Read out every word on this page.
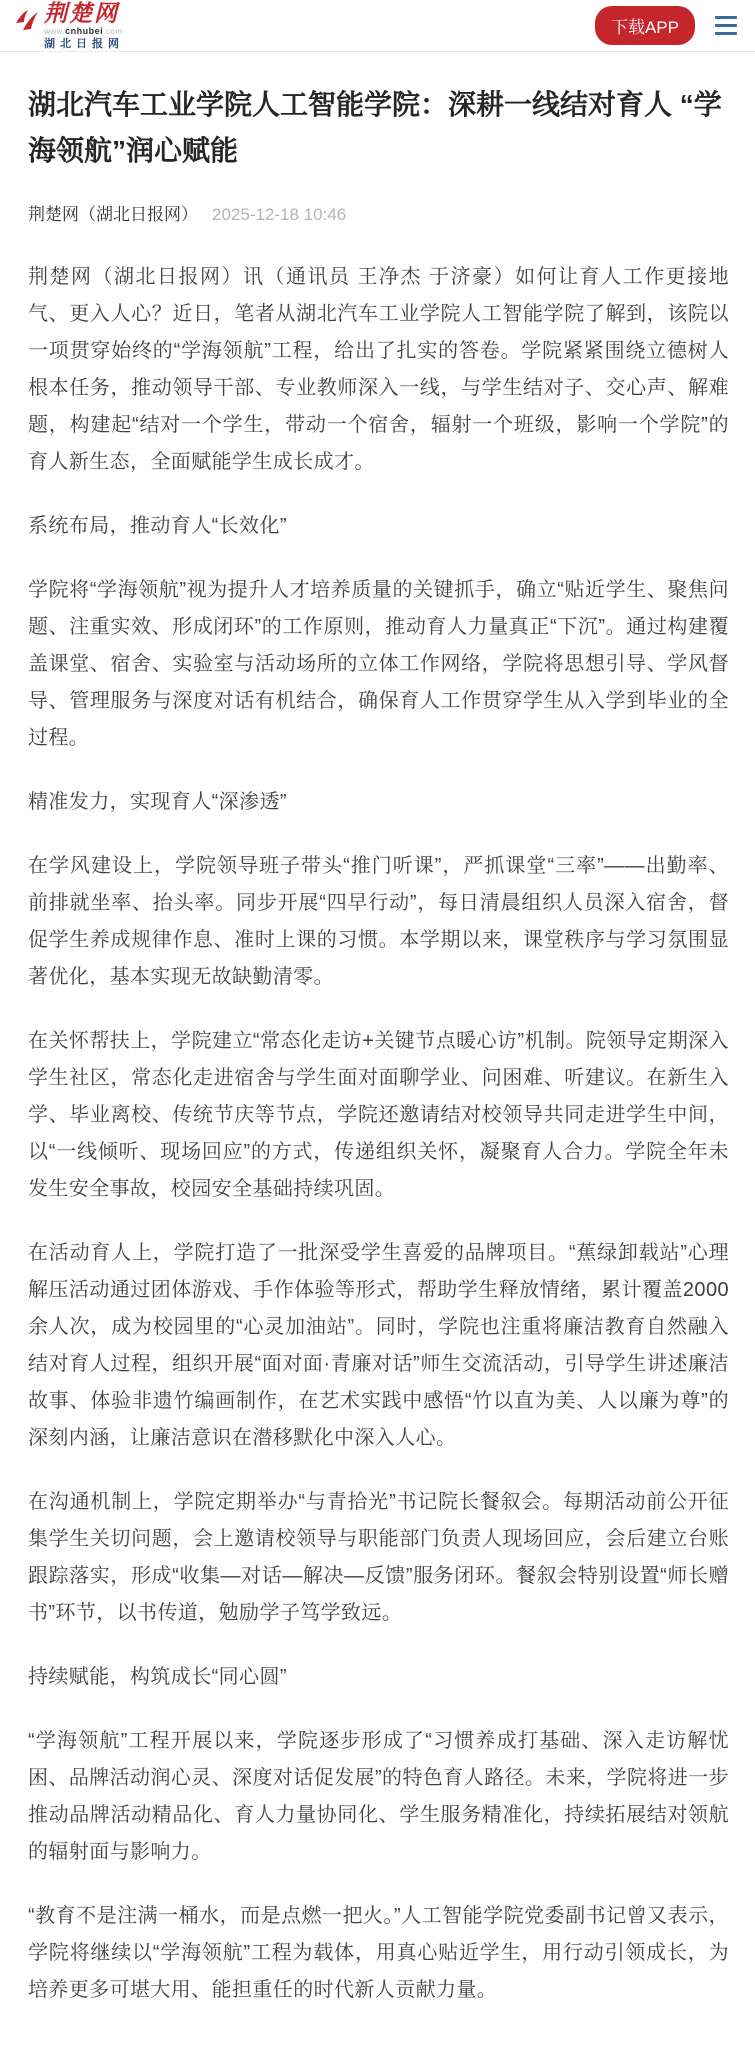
荆楚网
www.cnhubei.com
湖北日报网
下载APP
湖北汽车工业学院人工智能学院：深耕一线结对育人 “学海领航”润心赋能
荆楚网（湖北日报网） 2025-12-18 10:46

荆楚网（湖北日报网）讯（通讯员 王净杰 于济豪）如何让育人工作更接地气、更入人心？近日，笔者从湖北汽车工业学院人工智能学院了解到，该院以一项贯穿始终的“学海领航”工程，给出了扎实的答卷。学院紧紧围绕立德树人根本任务，推动领导干部、专业教师深入一线，与学生结对子、交心声、解难题，构建起“结对一个学生，带动一个宿舍，辐射一个班级，影响一个学院”的育人新生态，全面赋能学生成长成才。

系统布局，推动育人“长效化”

学院将“学海领航”视为提升人才培养质量的关键抓手，确立“贴近学生、聚焦问题、注重实效、形成闭环”的工作原则，推动育人力量真正“下沉”。通过构建覆盖课堂、宿舍、实验室与活动场所的立体工作网络，学院将思想引导、学风督导、管理服务与深度对话有机结合，确保育人工作贯穿学生从入学到毕业的全过程。

精准发力，实现育人“深渗透”

在学风建设上，学院领导班子带头“推门听课”，严抓课堂“三率”——出勤率、前排就坐率、抬头率。同步开展“四早行动”，每日清晨组织人员深入宿舍，督促学生养成规律作息、准时上课的习惯。本学期以来，课堂秩序与学习氛围显著优化，基本实现无故缺勤清零。

在关怀帮扶上，学院建立“常态化走访+关键节点暖心访”机制。院领导定期深入学生社区，常态化走进宿舍与学生面对面聊学业、问困难、听建议。在新生入学、毕业离校、传统节庆等节点，学院还邀请结对校领导共同走进学生中间，以“一线倾听、现场回应”的方式，传递组织关怀，凝聚育人合力。学院全年未发生安全事故，校园安全基础持续巩固。

在活动育人上，学院打造了一批深受学生喜爱的品牌项目。“蕉绿卸载站”心理解压活动通过团体游戏、手作体验等形式，帮助学生释放情绪，累计覆盖2000余人次，成为校园里的“心灵加油站”。同时，学院也注重将廉洁教育自然融入结对育人过程，组织开展“面对面·青廉对话”师生交流活动，引导学生讲述廉洁故事、体验非遗竹编画制作，在艺术实践中感悟“竹以直为美、人以廉为尊”的深刻内涵，让廉洁意识在潜移默化中深入人心。

在沟通机制上，学院定期举办“与青拾光”书记院长餐叙会。每期活动前公开征集学生关切问题，会上邀请校领导与职能部门负责人现场回应，会后建立台账跟踪落实，形成“收集—对话—解决—反馈”服务闭环。餐叙会特别设置“师长赠书”环节，以书传道，勉励学子笃学致远。

持续赋能，构筑成长“同心圆”

“学海领航”工程开展以来，学院逐步形成了“习惯养成打基础、深入走访解忧困、品牌活动润心灵、深度对话促发展”的特色育人路径。未来，学院将进一步推动品牌活动精品化、育人力量协同化、学生服务精准化，持续拓展结对领航的辐射面与影响力。

“教育不是注满一桶水，而是点燃一把火。”人工智能学院党委副书记曾又表示，学院将继续以“学海领航”工程为载体，用真心贴近学生，用行动引领成长，为培养更多可堪大用、能担重任的时代新人贡献力量。
